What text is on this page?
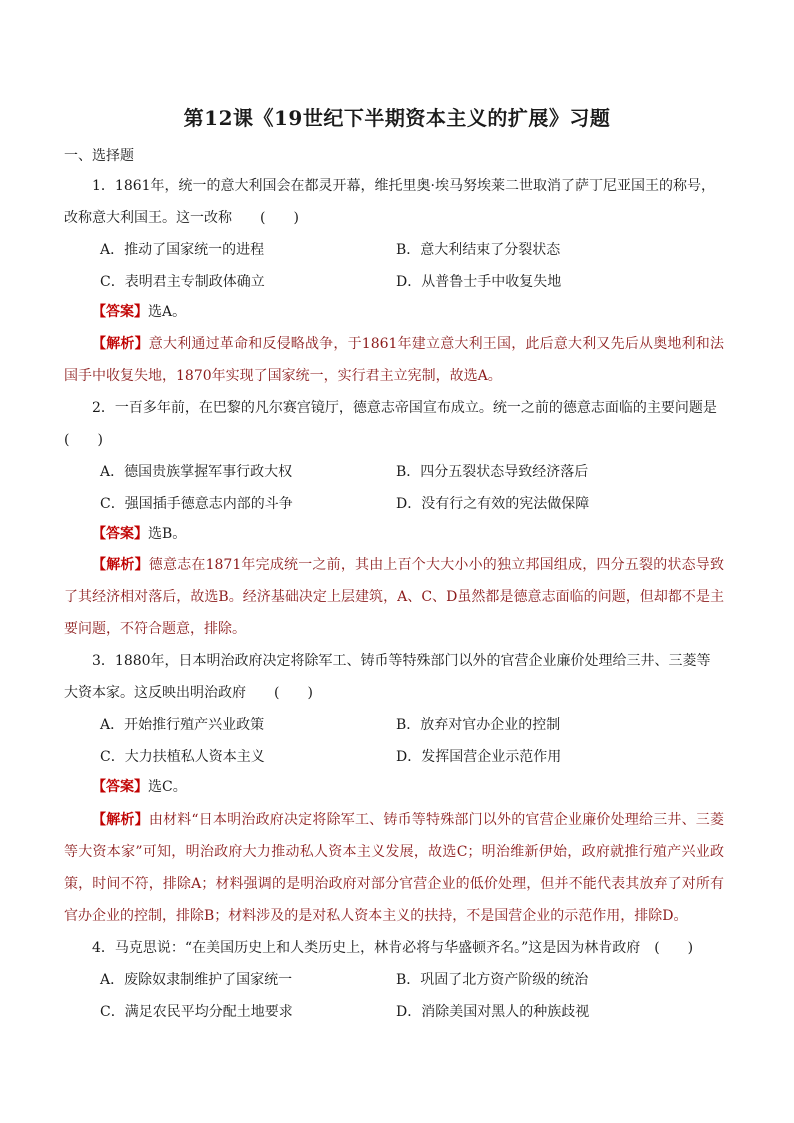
第12课《19世纪下半期资本主义的扩展》习题
一、选择题

1．1861年，统一的意大利国会在都灵开幕，维托里奥·埃马努埃莱二世取消了萨丁尼亚国王的称号，改称意大利国王。这一改称　　(　　)

A．推动了国家统一的进程	B．意大利结束了分裂状态
C．表明君主专制政体确立	D．从普鲁士手中收复失地

【答案】选A。

【解析】意大利通过革命和反侵略战争，于1861年建立意大利王国，此后意大利又先后从奥地利和法国手中收复失地，1870年实现了国家统一，实行君主立宪制，故选A。

2．一百多年前，在巴黎的凡尔赛宫镜厅，德意志帝国宣布成立。统一之前的德意志面临的主要问题是　(　　)

A．德国贵族掌握军事行政大权	B．四分五裂状态导致经济落后
C．强国插手德意志内部的斗争	D．没有行之有效的宪法做保障

【答案】选B。

【解析】德意志在1871年完成统一之前，其由上百个大大小小的独立邦国组成，四分五裂的状态导致了其经济相对落后，故选B。经济基础决定上层建筑，A、C、D虽然都是德意志面临的问题，但却都不是主要问题，不符合题意，排除。

3．1880年，日本明治政府决定将除军工、铸币等特殊部门以外的官营企业廉价处理给三井、三菱等大资本家。这反映出明治政府　　(　　)

A．开始推行殖产兴业政策	B．放弃对官办企业的控制
C．大力扶植私人资本主义	D．发挥国营企业示范作用

【答案】选C。

【解析】由材料“日本明治政府决定将除军工、铸币等特殊部门以外的官营企业廉价处理给三井、三菱等大资本家”可知，明治政府大力推动私人资本主义发展，故选C；明治维新伊始，政府就推行殖产兴业政策，时间不符，排除A；材料强调的是明治政府对部分官营企业的低价处理，但并不能代表其放弃了对所有官办企业的控制，排除B；材料涉及的是对私人资本主义的扶持，不是国营企业的示范作用，排除D。

4．马克思说：“在美国历史上和人类历史上，林肯必将与华盛顿齐名。”这是因为林肯政府　(　　)

A．废除奴隶制维护了国家统一	B．巩固了北方资产阶级的统治
C．满足农民平均分配土地要求	D．消除美国对黑人的种族歧视
